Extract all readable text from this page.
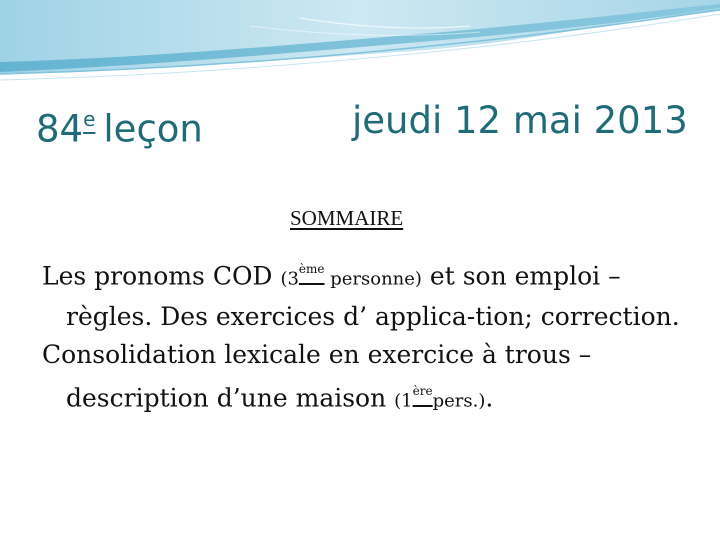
84e leçon	jeudi 12 mai 2013
SOMMAIRE

Les pronoms COD (3ème personne) et son emploi – règles. Des exercices d’ applica-tion; correction.

Consolidation lexicale en exercice à trous – description d’une maison (1èrepers.).
